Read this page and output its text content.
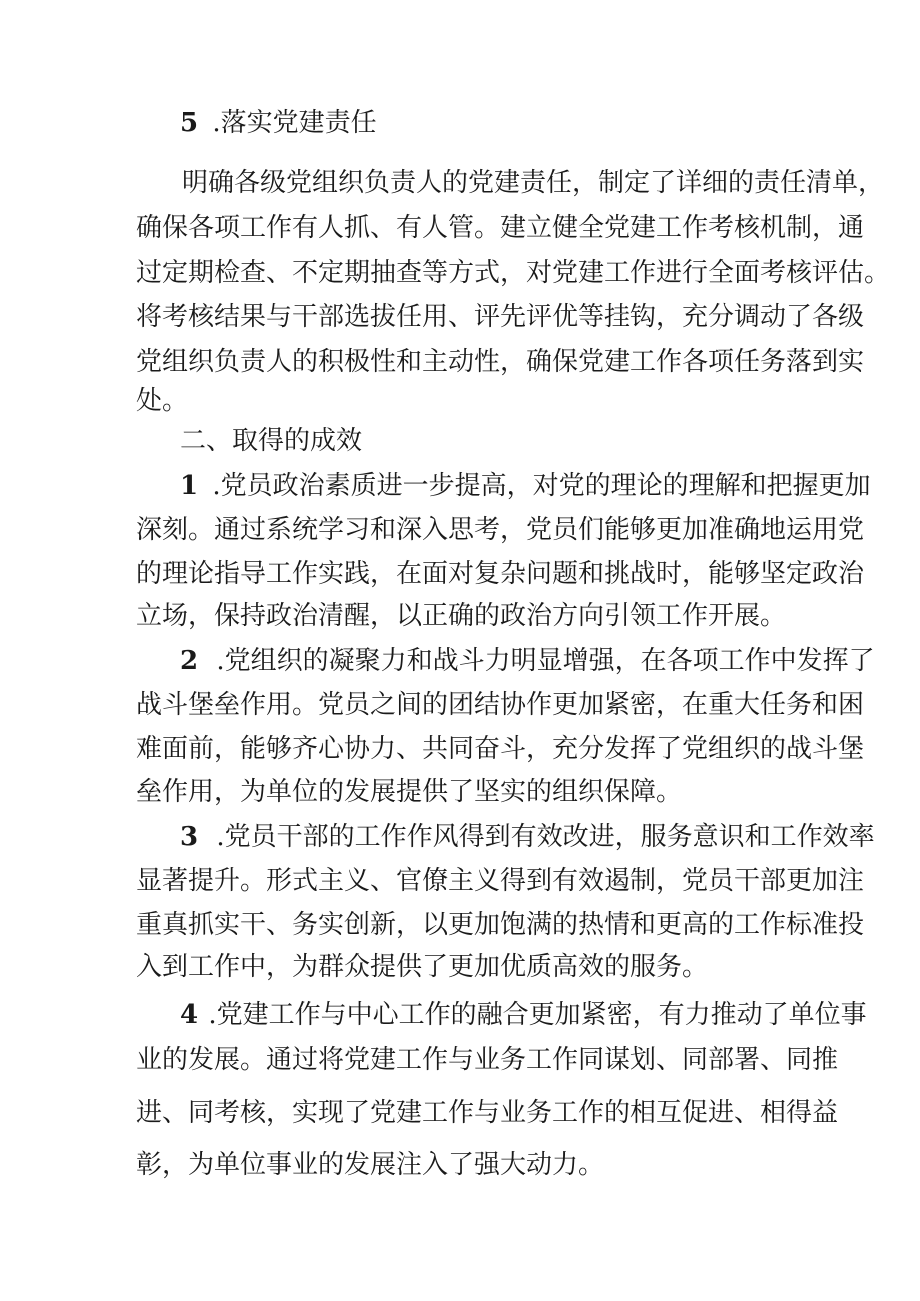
5 .落实党建责任
明确各级党组织负责人的党建责任，制定了详细的责任清单，
确保各项工作有人抓、有人管。建立健全党建工作考核机制，通
过定期检查、不定期抽查等方式，对党建工作进行全面考核评估。
将考核结果与干部选拔任用、评先评优等挂钩，充分调动了各级
党组织负责人的积极性和主动性，确保党建工作各项任务落到实
处。
二、取得的成效
1 .党员政治素质进一步提高，对党的理论的理解和把握更加
深刻。通过系统学习和深入思考，党员们能够更加准确地运用党
的理论指导工作实践，在面对复杂问题和挑战时，能够坚定政治
立场，保持政治清醒，以正确的政治方向引领工作开展。
2 .党组织的凝聚力和战斗力明显增强，在各项工作中发挥了
战斗堡垒作用。党员之间的团结协作更加紧密，在重大任务和困
难面前，能够齐心协力、共同奋斗，充分发挥了党组织的战斗堡
垒作用，为单位的发展提供了坚实的组织保障。
3 .党员干部的工作作风得到有效改进，服务意识和工作效率
显著提升。形式主义、官僚主义得到有效遏制，党员干部更加注
重真抓实干、务实创新，以更加饱满的热情和更高的工作标准投
入到工作中，为群众提供了更加优质高效的服务。
4 .党建工作与中心工作的融合更加紧密，有力推动了单位事
业的发展。通过将党建工作与业务工作同谋划、同部署、同推
进、同考核，实现了党建工作与业务工作的相互促进、相得益
彰，为单位事业的发展注入了强大动力。
